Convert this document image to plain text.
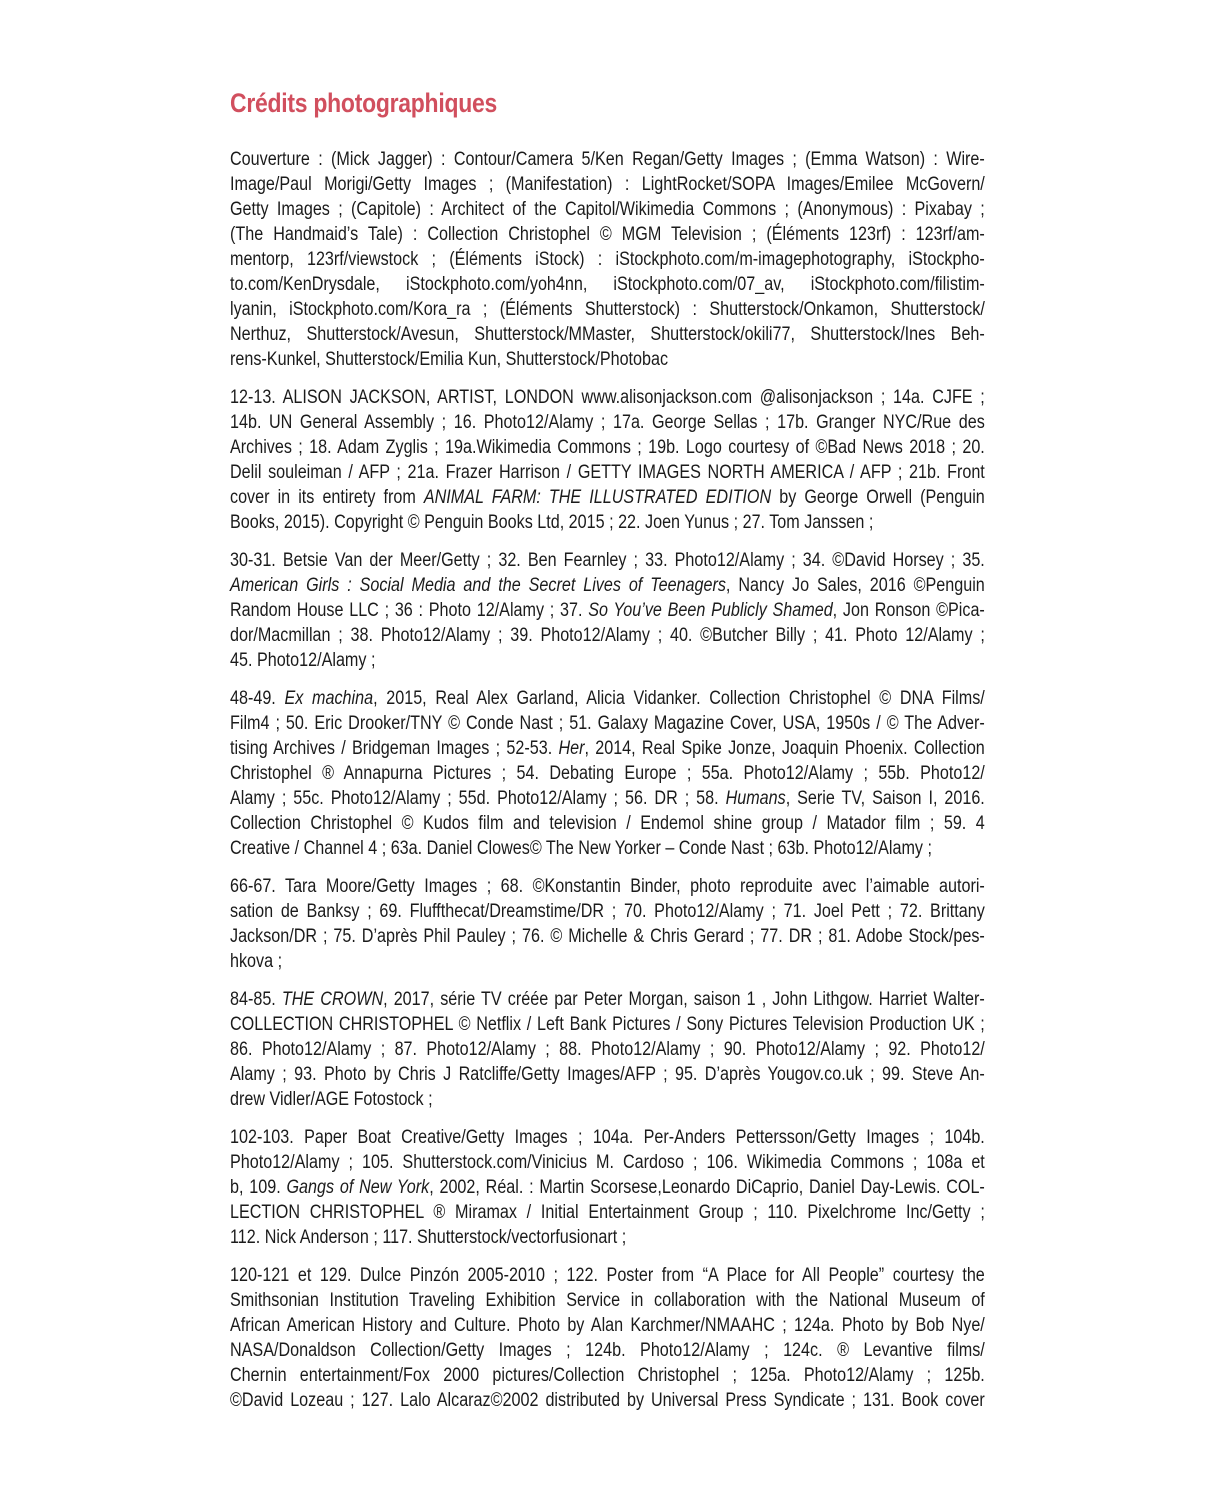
Crédits photographiques
Couverture : (Mick Jagger) : Contour/Camera 5/Ken Regan/Getty Images ; (Emma Watson) : Wire-
Image/Paul Morigi/Getty Images ; (Manifestation) : LightRocket/SOPA Images/Emilee McGovern/
Getty Images ; (Capitole) : Architect of the Capitol/Wikimedia Commons ; (Anonymous) : Pixabay ;
(The Handmaid’s Tale) : Collection Christophel © MGM Television ; (Éléments 123rf) : 123rf/am-
mentorp, 123rf/viewstock ; (Éléments iStock) : iStockphoto.com/m-imagephotography, iStockpho-
to.com/KenDrysdale, iStockphoto.com/yoh4nn, iStockphoto.com/07_av, iStockphoto.com/filistim-
lyanin, iStockphoto.com/Kora_ra ; (Éléments Shutterstock) : Shutterstock/Onkamon, Shutterstock/
Nerthuz, Shutterstock/Avesun, Shutterstock/MMaster, Shutterstock/okili77, Shutterstock/Ines Beh-
rens-Kunkel, Shutterstock/Emilia Kun, Shutterstock/Photobac
12-13. ALISON JACKSON, ARTIST, LONDON www.alisonjackson.com @alisonjackson ; 14a. CJFE ;
14b. UN General Assembly ; 16. Photo12/Alamy ; 17a. George Sellas ; 17b. Granger NYC/Rue des
Archives ; 18. Adam Zyglis ; 19a.Wikimedia Commons ; 19b. Logo courtesy of ©Bad News 2018 ; 20.
Delil souleiman / AFP ; 21a. Frazer Harrison / GETTY IMAGES NORTH AMERICA / AFP ; 21b. Front
cover in its entirety from ANIMAL FARM: THE ILLUSTRATED EDITION by George Orwell (Penguin
Books, 2015). Copyright © Penguin Books Ltd, 2015 ; 22. Joen Yunus ; 27. Tom Janssen ;
30-31. Betsie Van der Meer/Getty ; 32. Ben Fearnley ; 33. Photo12/Alamy ; 34. ©David Horsey ; 35.
American Girls : Social Media and the Secret Lives of Teenagers, Nancy Jo Sales, 2016 ©Penguin
Random House LLC ; 36 : Photo 12/Alamy ; 37. So You’ve Been Publicly Shamed, Jon Ronson ©Pica-
dor/Macmillan ; 38. Photo12/Alamy ; 39. Photo12/Alamy ; 40. ©Butcher Billy ; 41. Photo 12/Alamy ;
45. Photo12/Alamy ;
48-49. Ex machina, 2015, Real Alex Garland, Alicia Vidanker. Collection Christophel © DNA Films/
Film4 ; 50. Eric Drooker/TNY © Conde Nast ; 51. Galaxy Magazine Cover, USA, 1950s / © The Adver-
tising Archives / Bridgeman Images ; 52-53. Her, 2014, Real Spike Jonze, Joaquin Phoenix. Collection
Christophel ® Annapurna Pictures ; 54. Debating Europe ; 55a. Photo12/Alamy ; 55b. Photo12/
Alamy ; 55c. Photo12/Alamy ; 55d. Photo12/Alamy ; 56. DR ; 58. Humans, Serie TV, Saison I, 2016.
Collection Christophel © Kudos film and television / Endemol shine group / Matador film ; 59. 4
Creative / Channel 4 ; 63a. Daniel Clowes© The New Yorker – Conde Nast ; 63b. Photo12/Alamy ;
66-67. Tara Moore/Getty Images ; 68. ©Konstantin Binder, photo reproduite avec l’aimable autori-
sation de Banksy ; 69. Fluffthecat/Dreamstime/DR ; 70. Photo12/Alamy ; 71. Joel Pett ; 72. Brittany
Jackson/DR ; 75. D’après Phil Pauley ; 76. © Michelle & Chris Gerard ; 77. DR ; 81. Adobe Stock/pes-
hkova ;
84-85. THE CROWN, 2017, série TV créée par Peter Morgan, saison 1 , John Lithgow. Harriet Walter-
COLLECTION CHRISTOPHEL © Netflix / Left Bank Pictures / Sony Pictures Television Production UK ;
86. Photo12/Alamy ; 87. Photo12/Alamy ; 88. Photo12/Alamy ; 90. Photo12/Alamy ; 92. Photo12/
Alamy ; 93. Photo by Chris J Ratcliffe/Getty Images/AFP ; 95. D’après Yougov.co.uk ; 99. Steve An-
drew Vidler/AGE Fotostock ;
102-103. Paper Boat Creative/Getty Images ; 104a. Per-Anders Pettersson/Getty Images ; 104b.
Photo12/Alamy ; 105. Shutterstock.com/Vinicius M. Cardoso ; 106. Wikimedia Commons ; 108a et
b, 109. Gangs of New York, 2002, Réal. : Martin Scorsese,Leonardo DiCaprio, Daniel Day-Lewis. COL-
LECTION CHRISTOPHEL ® Miramax / Initial Entertainment Group ; 110. Pixelchrome Inc/Getty ;
112. Nick Anderson ; 117. Shutterstock/vectorfusionart ;
120-121 et 129. Dulce Pinzón 2005-2010 ; 122. Poster from “A Place for All People” courtesy the
Smithsonian Institution Traveling Exhibition Service in collaboration with the National Museum of
African American History and Culture. Photo by Alan Karchmer/NMAAHC ; 124a. Photo by Bob Nye/
NASA/Donaldson Collection/Getty Images ; 124b. Photo12/Alamy ; 124c. ® Levantive films/
Chernin entertainment/Fox 2000 pictures/Collection Christophel ; 125a. Photo12/Alamy ; 125b.
©David Lozeau ; 127. Lalo Alcaraz©2002 distributed by Universal Press Syndicate ; 131. Book cover
